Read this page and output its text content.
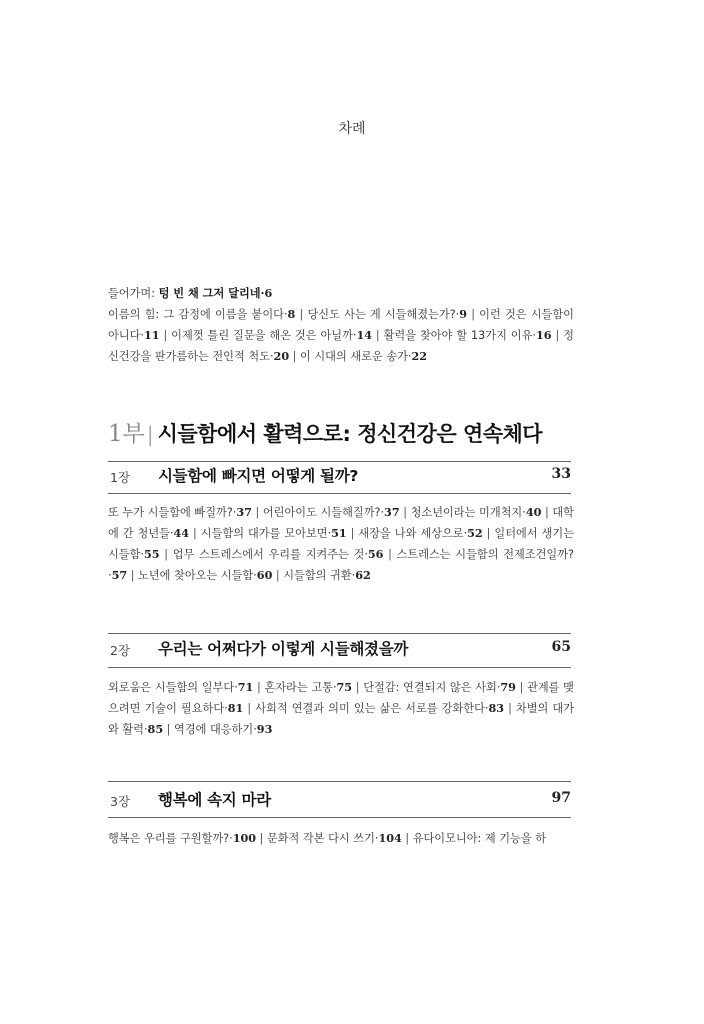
차례
들어가며: 텅 빈 채 그저 달리네·6
이름의 힘: 그 감정에 이름을 붙이다·8 | 당신도 사는 게 시들해졌는가?·9 | 이런 것은 시들함이 아니다·11 | 이제껏 틀린 질문을 해온 것은 아닐까·14 | 활력을 찾아야 할 13가지 이유·16 | 정신건강을 판가름하는 전인적 척도·20 | 이 시대의 새로운 송가·22
1부 | 시들함에서 활력으로: 정신건강은 연속체다
1장 시들함에 빠지면 어떻게 될까?	33
또 누가 시들함에 빠질까?·37 | 어린아이도 시들해질까?·37 | 청소년이라는 미개척지·40 | 대학에 간 청년들·44 | 시들함의 대가를 모아보면·51 | 새장을 나와 세상으로·52 | 일터에서 생기는 시들함·55 | 업무 스트레스에서 우리를 지켜주는 것·56 | 스트레스는 시들함의 전제조건일까?·57 | 노년에 찾아오는 시들함·60 | 시들함의 귀환·62
2장 우리는 어쩌다가 이렇게 시들해졌을까	65
외로움은 시들함의 일부다·71 | 혼자라는 고통·75 | 단절감: 연결되지 않은 사회·79 | 관계를 맺으려면 기술이 필요하다·81 | 사회적 연결과 의미 있는 삶은 서로를 강화한다·83 | 차별의 대가와 활력·85 | 역경에 대응하기·93
3장 행복에 속지 마라	97
행복은 우리를 구원할까?·100 | 문화적 각본 다시 쓰기·104 | 유다이모니아: 제 기능을 하
